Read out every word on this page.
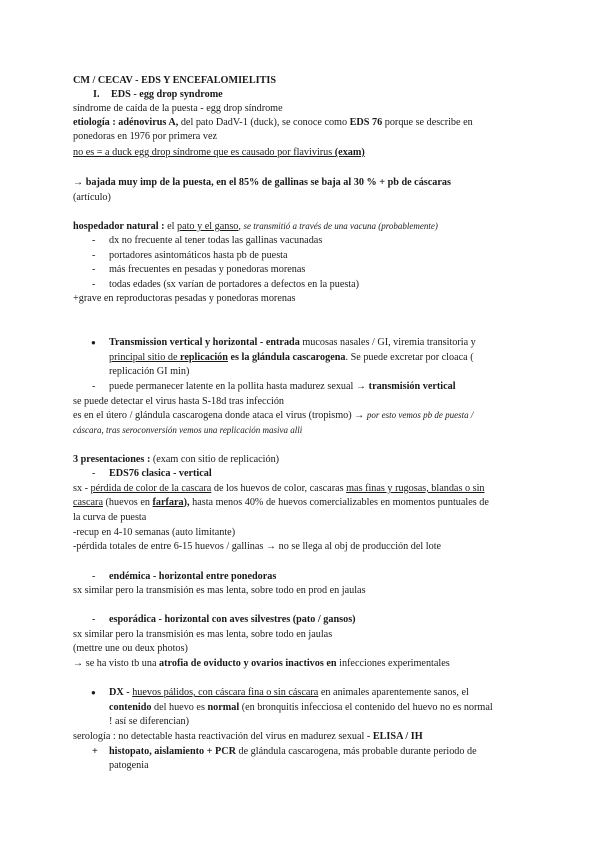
CM / CECAV - EDS Y ENCEFALOMIELITIS
I. EDS - egg drop syndrome
síndrome de caída de la puesta - egg drop síndrome
etiología : adénovirus A, del pato DadV-1 (duck), se conoce como EDS 76 porque se describe en
ponedoras en 1976 por primera vez
no es = a duck egg drop síndrome que es causado por flavivirus (exam)
→ bajada muy imp de la puesta, en el 85% de gallinas se baja al 30 % + pb de cáscaras
(artículo)
hospedador natural : el pato y el ganso, se transmitió a través de una vacuna (probablemente)
- dx no frecuente al tener todas las gallinas vacunadas
- portadores asintomáticos hasta pb de puesta
- más frecuentes en pesadas y ponedoras morenas
- todas edades (sx varían de portadores a defectos en la puesta)
+grave en reproductoras pesadas y ponedoras morenas
● Transmission vertical y horizontal - entrada mucosas nasales / GI, viremia transitoria y
principal sitio de replicación es la glándula cascarogena. Se puede excretar por cloaca (
replicación GI min)
- puede permanecer latente en la pollita hasta madurez sexual → transmisión vertical
se puede detectar el virus hasta S-18d tras infección
es en el útero / glándula cascarogena donde ataca el virus (tropismo) → por esto vemos pb de puesta /
cáscara, tras seroconversión vemos una replicación masiva alli
3 presentaciones : (exam con sitio de replicación)
- EDS76 clasica - vertical
sx - pérdida de color de la cascara de los huevos de color, cascaras mas finas y rugosas, blandas o sin
cascara (huevos en farfara), hasta menos 40% de huevos comercializables en momentos puntuales de
la curva de puesta
-recup en 4-10 semanas (auto limitante)
-pérdida totales de entre 6-15 huevos / gallinas → no se llega al obj de producción del lote
- endémica - horizontal entre ponedoras
sx similar pero la transmisión es mas lenta, sobre todo en prod en jaulas
- esporádica - horizontal con aves silvestres (pato / gansos)
sx similar pero la transmisión es mas lenta, sobre todo en jaulas
(mettre une ou deux photos)
→ se ha visto tb una atrofia de oviducto y ovarios inactivos en infecciones experimentales
● DX - huevos pálidos, con cáscara fina o sin cáscara en animales aparentemente sanos, el
contenido del huevo es normal (en bronquitis infecciosa el contenido del huevo no es normal
! así se diferencian)
serología : no detectable hasta reactivación del virus en madurez sexual - ELISA / IH
+ histopato, aislamiento + PCR de glándula cascarogena, más probable durante periodo de
patogenia
